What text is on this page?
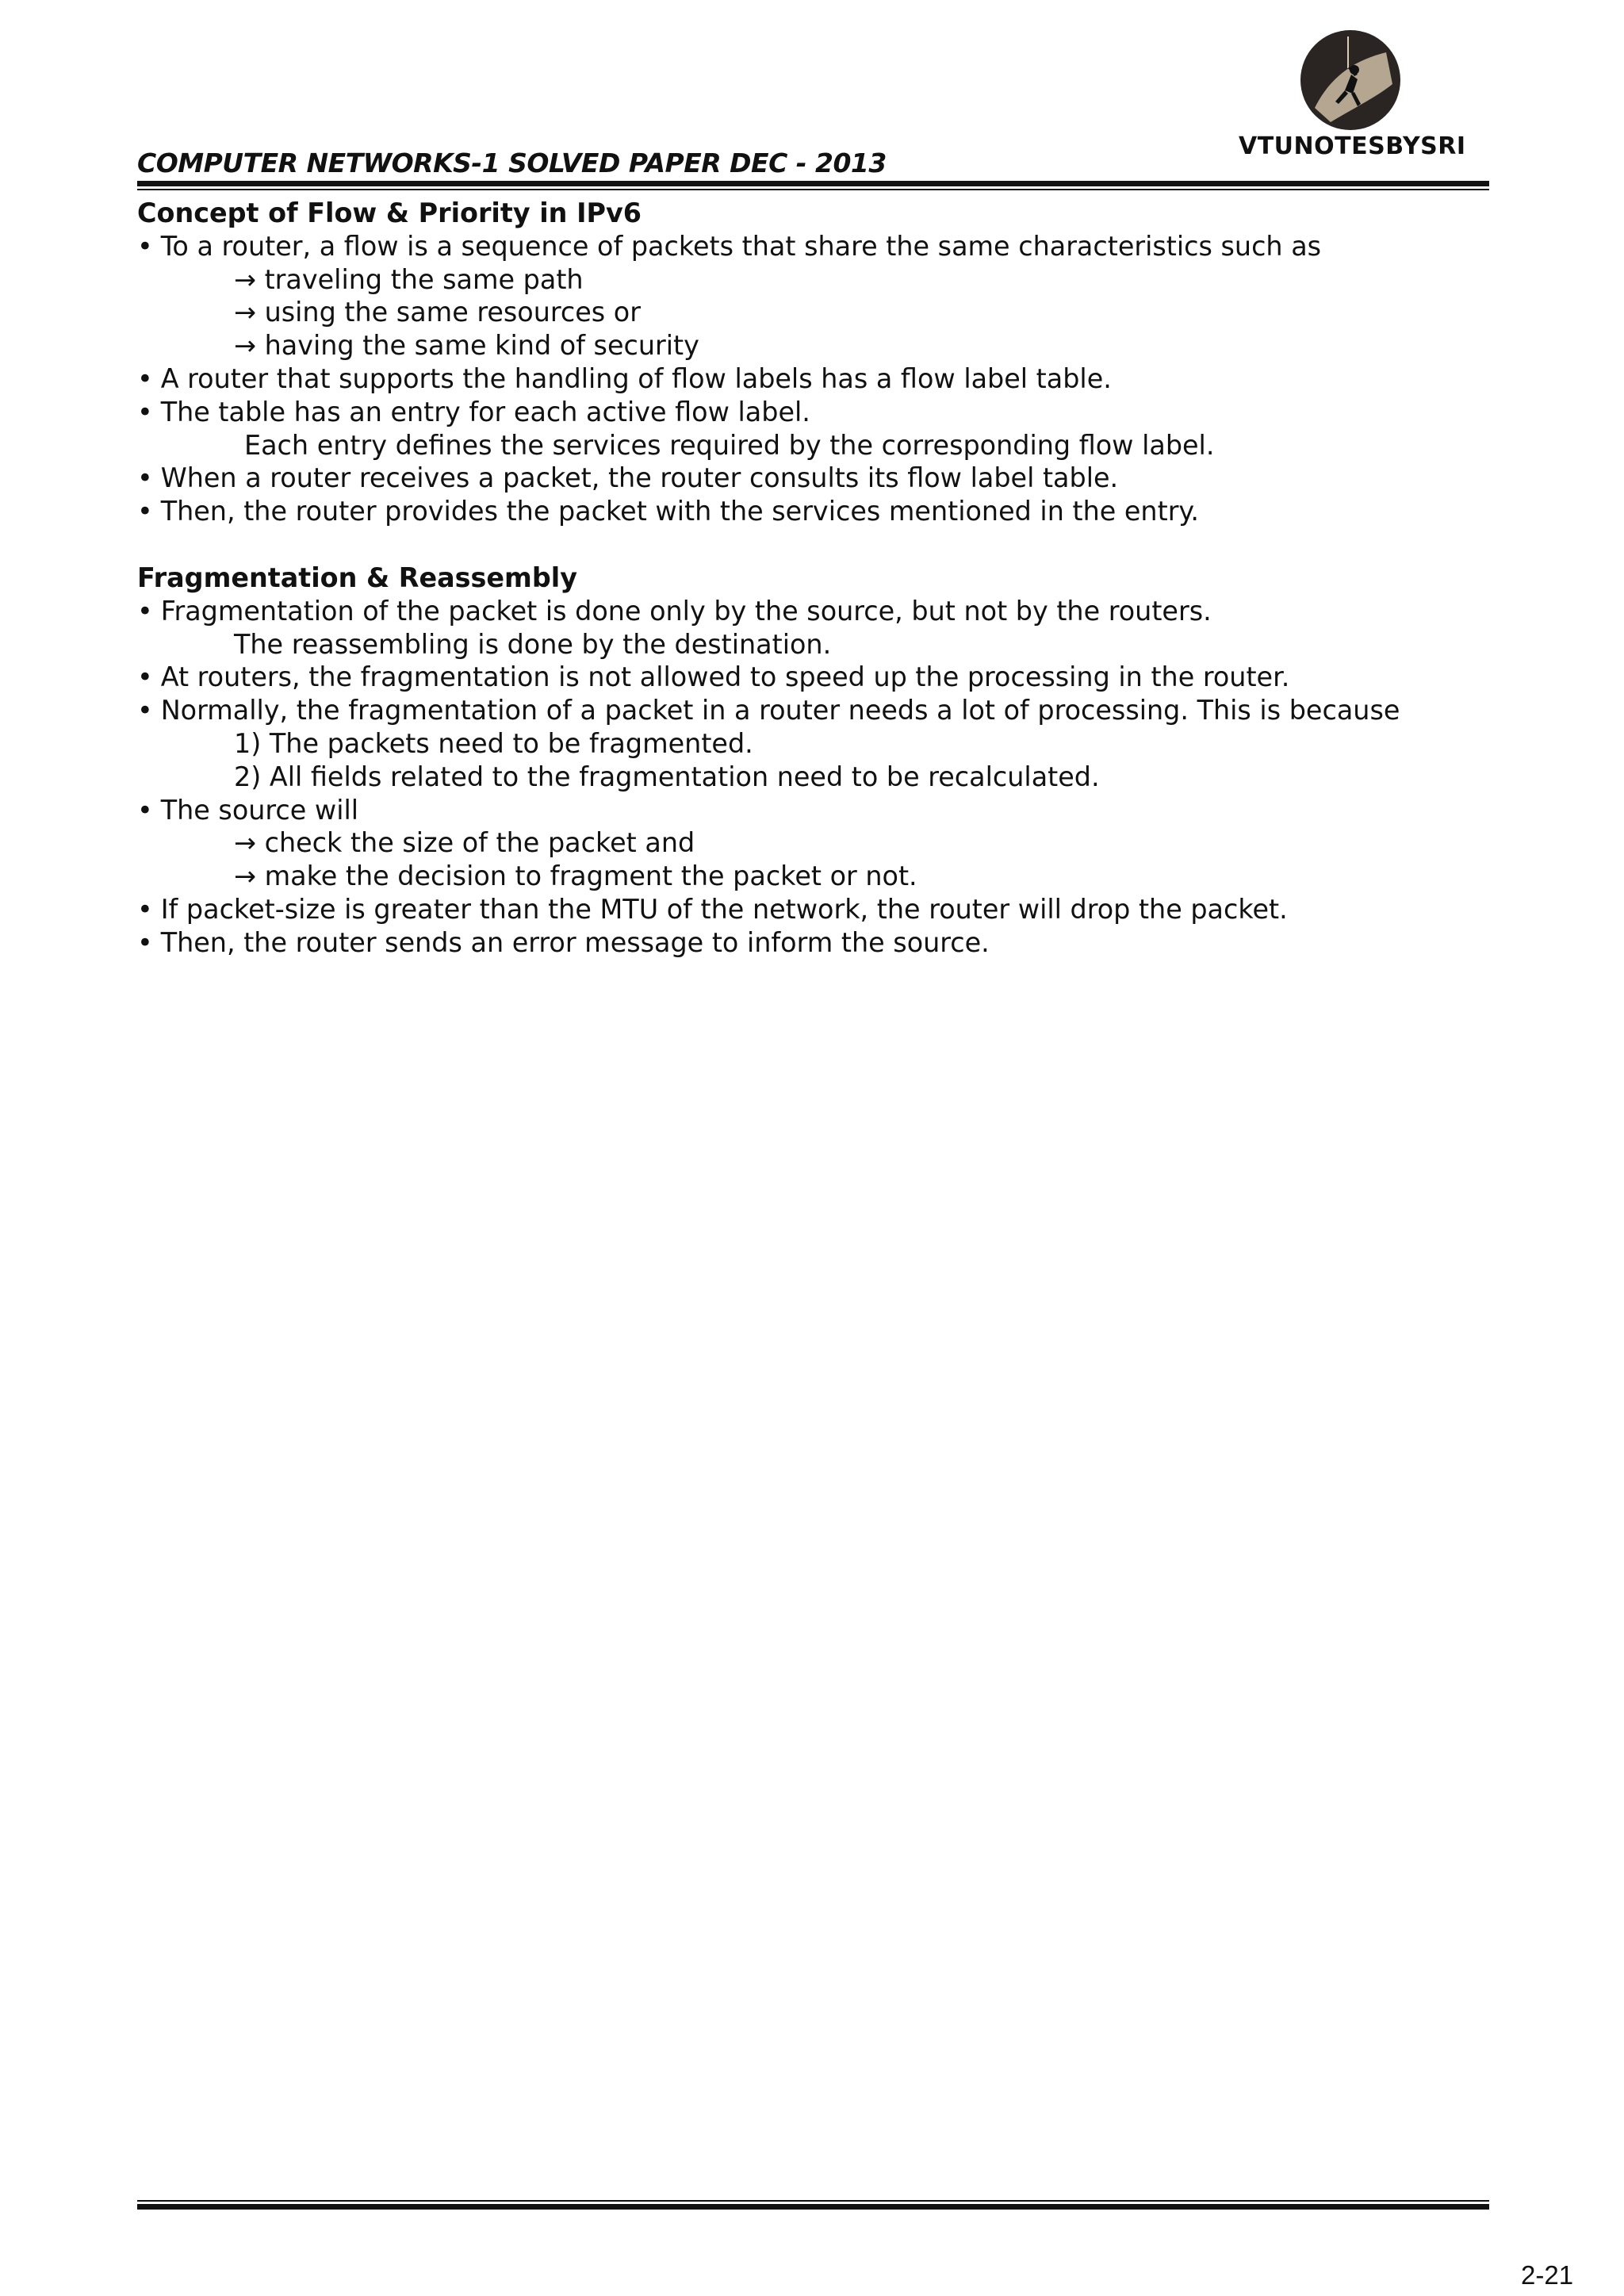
VTUNOTESBYSRI
COMPUTER NETWORKS-1 SOLVED PAPER DEC - 2013
Concept of Flow & Priority in IPv6
• To a router, a flow is a sequence of packets that share the same characteristics such as
→ traveling the same path
→ using the same resources or
→ having the same kind of security
• A router that supports the handling of flow labels has a flow label table.
• The table has an entry for each active flow label.
Each entry defines the services required by the corresponding flow label.
• When a router receives a packet, the router consults its flow label table.
• Then, the router provides the packet with the services mentioned in the entry.
Fragmentation & Reassembly
• Fragmentation of the packet is done only by the source, but not by the routers.
The reassembling is done by the destination.
• At routers, the fragmentation is not allowed to speed up the processing in the router.
• Normally, the fragmentation of a packet in a router needs a lot of processing. This is because
1) The packets need to be fragmented.
2) All fields related to the fragmentation need to be recalculated.
• The source will
→ check the size of the packet and
→ make the decision to fragment the packet or not.
• If packet-size is greater than the MTU of the network, the router will drop the packet.
• Then, the router sends an error message to inform the source.
2-21
